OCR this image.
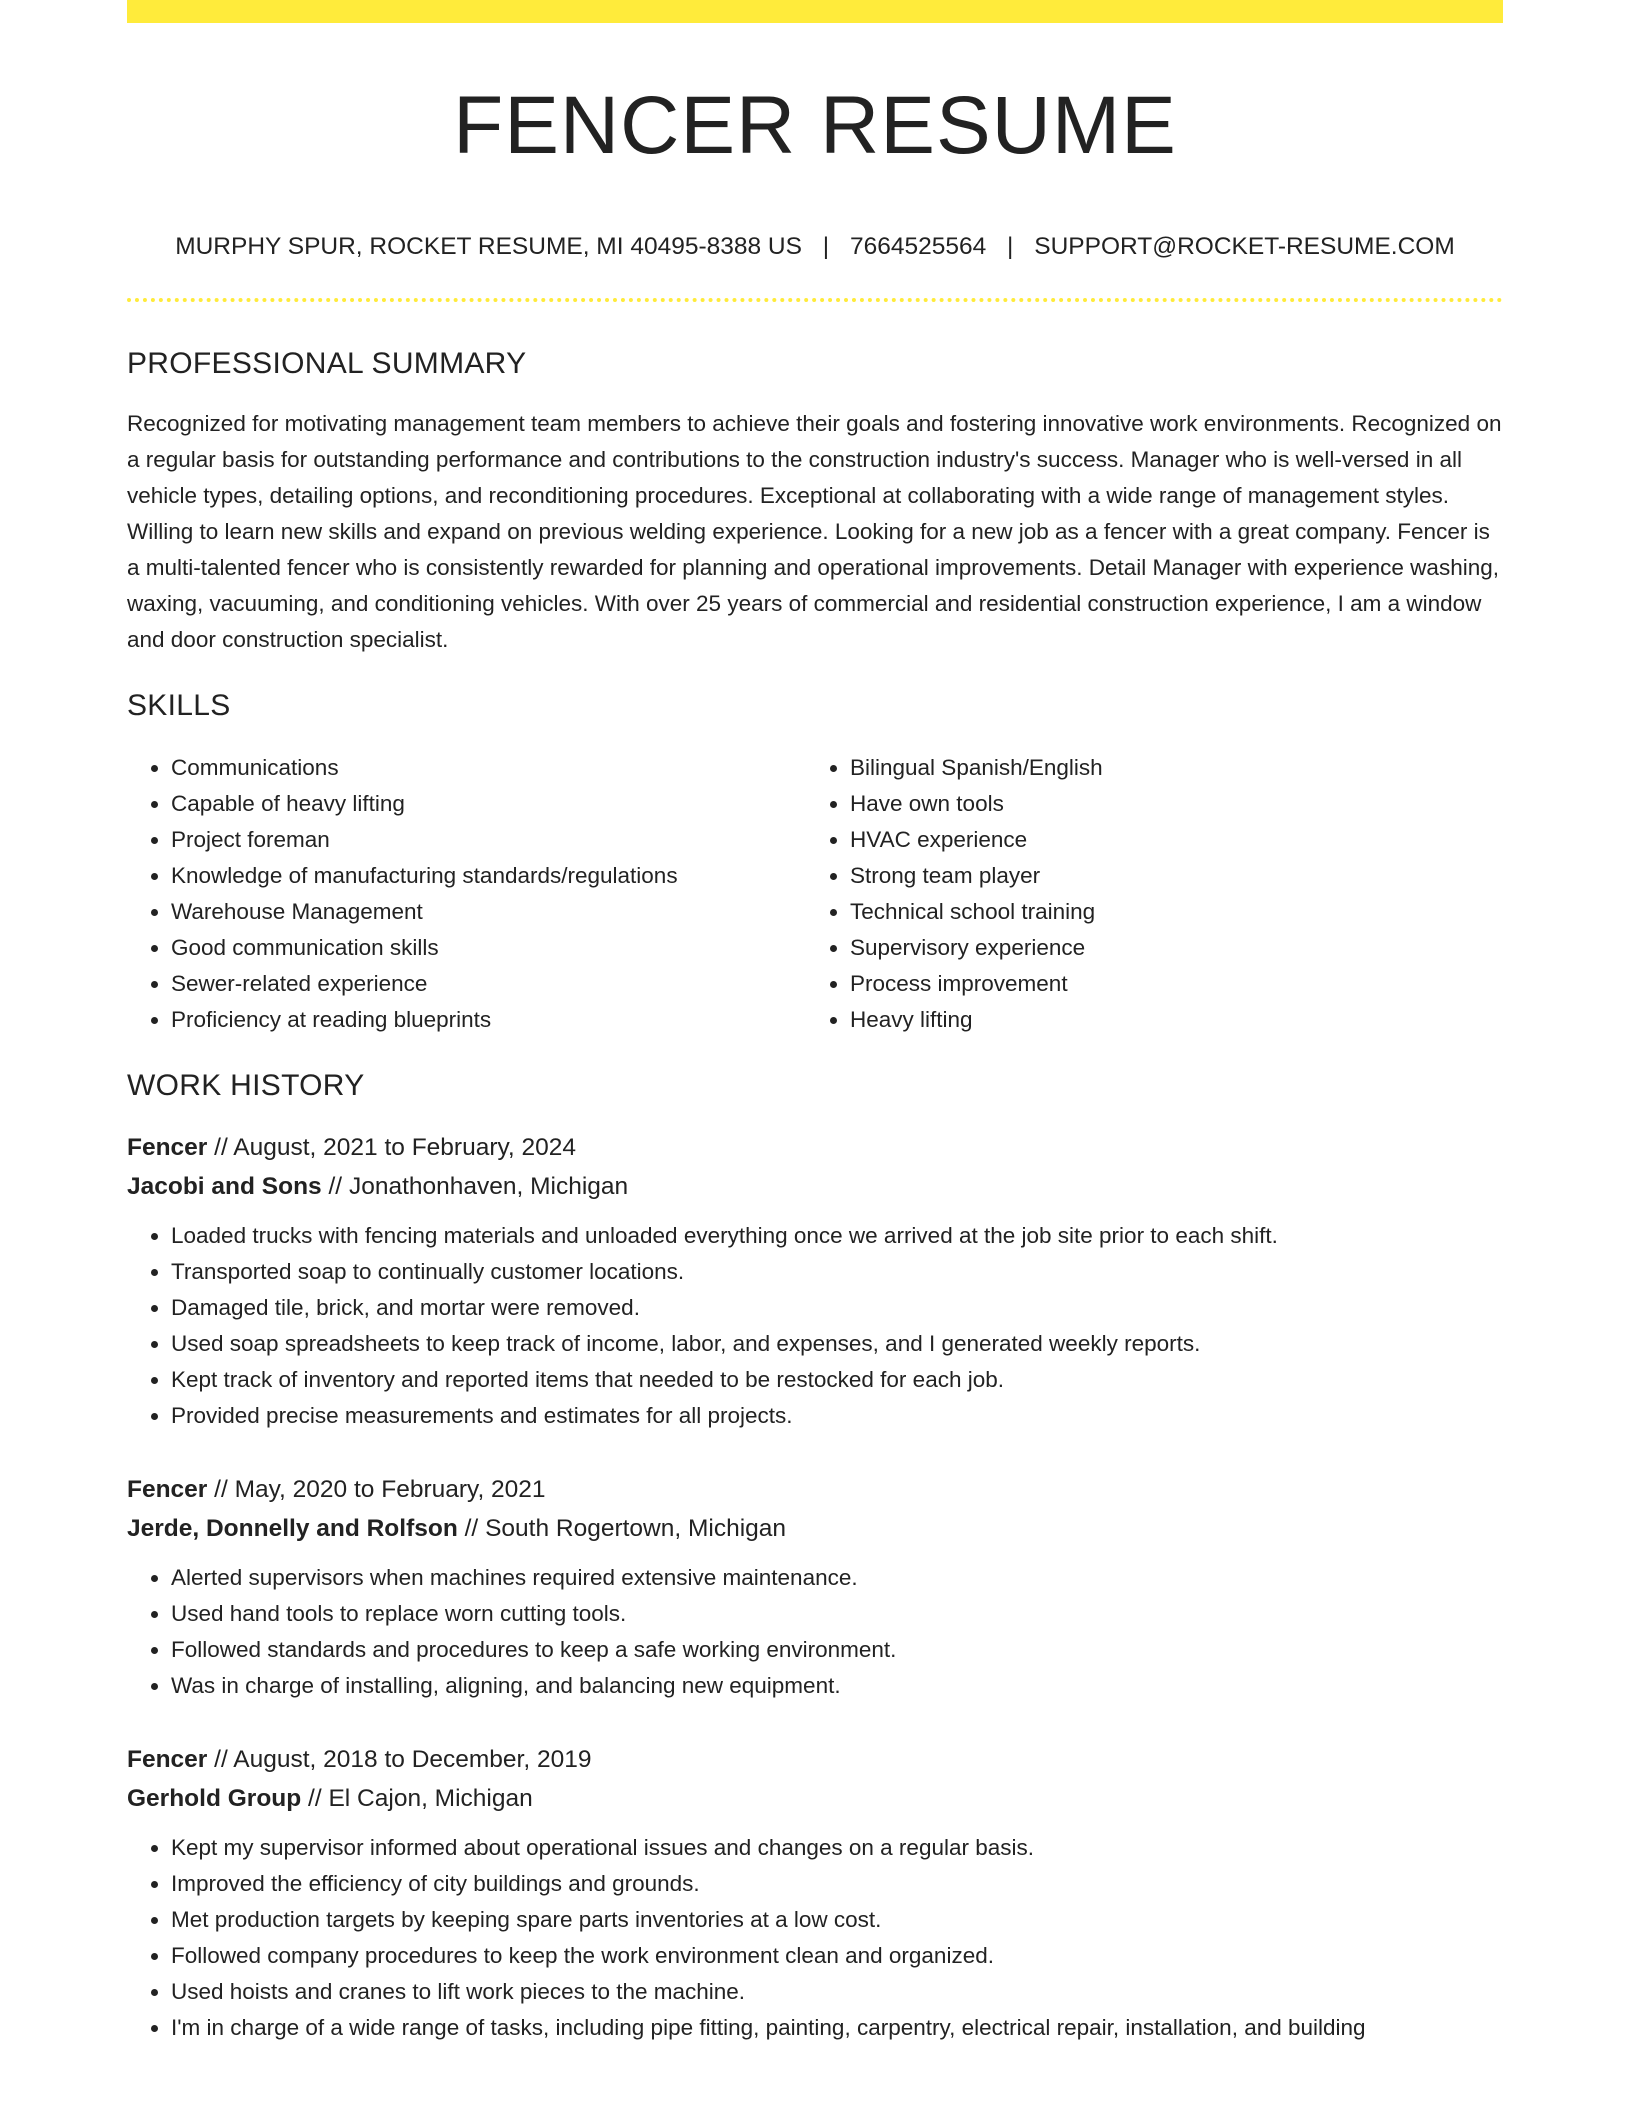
FENCER RESUME
MURPHY SPUR, ROCKET RESUME, MI 40495-8388 US | 7664525564 | SUPPORT@ROCKET-RESUME.COM
PROFESSIONAL SUMMARY

Recognized for motivating management team members to achieve their goals and fostering innovative work environments. Recognized on a regular basis for outstanding performance and contributions to the construction industry's success. Manager who is well-versed in all vehicle types, detailing options, and reconditioning procedures. Exceptional at collaborating with a wide range of management styles. Willing to learn new skills and expand on previous welding experience. Looking for a new job as a fencer with a great company. Fencer is a multi-talented fencer who is consistently rewarded for planning and operational improvements. Detail Manager with experience washing, waxing, vacuuming, and conditioning vehicles. With over 25 years of commercial and residential construction experience, I am a window and door construction specialist.

SKILLS
• Communications
• Capable of heavy lifting
• Project foreman
• Knowledge of manufacturing standards/regulations
• Warehouse Management
• Good communication skills
• Sewer-related experience
• Proficiency at reading blueprints
• Bilingual Spanish/English
• Have own tools
• HVAC experience
• Strong team player
• Technical school training
• Supervisory experience
• Process improvement
• Heavy lifting
WORK HISTORY
Fencer // August, 2021 to February, 2024
Jacobi and Sons // Jonathonhaven, Michigan
• Loaded trucks with fencing materials and unloaded everything once we arrived at the job site prior to each shift.
• Transported soap to continually customer locations.
• Damaged tile, brick, and mortar were removed.
• Used soap spreadsheets to keep track of income, labor, and expenses, and I generated weekly reports.
• Kept track of inventory and reported items that needed to be restocked for each job.
• Provided precise measurements and estimates for all projects.
Fencer // May, 2020 to February, 2021
Jerde, Donnelly and Rolfson // South Rogertown, Michigan
• Alerted supervisors when machines required extensive maintenance.
• Used hand tools to replace worn cutting tools.
• Followed standards and procedures to keep a safe working environment.
• Was in charge of installing, aligning, and balancing new equipment.
Fencer // August, 2018 to December, 2019
Gerhold Group // El Cajon, Michigan
• Kept my supervisor informed about operational issues and changes on a regular basis.
• Improved the efficiency of city buildings and grounds.
• Met production targets by keeping spare parts inventories at a low cost.
• Followed company procedures to keep the work environment clean and organized.
• Used hoists and cranes to lift work pieces to the machine.
• I'm in charge of a wide range of tasks, including pipe fitting, painting, carpentry, electrical repair, installation, and building
